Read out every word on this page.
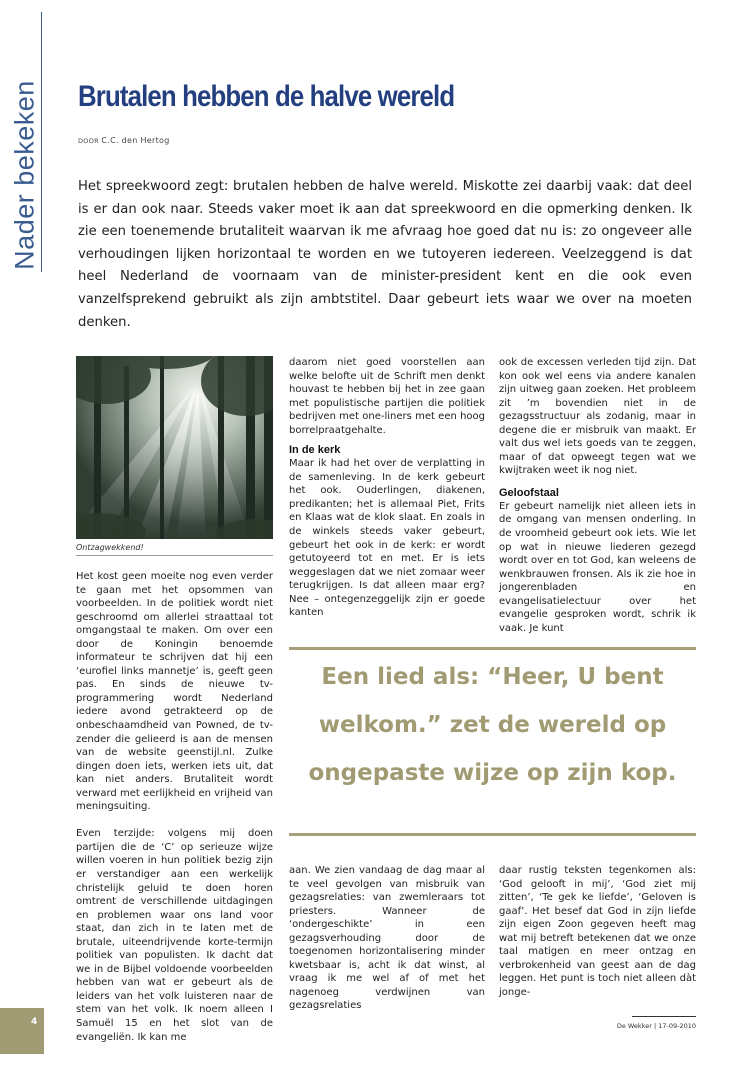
Nader bekeken Brutalen hebben de halve wereld
DOOR C.C. den Hertog

Het spreekwoord zegt: brutalen hebben de halve wereld. Miskotte zei daarbij vaak: dat deel is er dan ook naar. Steeds vaker moet ik aan dat spreekwoord en die opmerking denken. Ik zie een toenemende brutaliteit waarvan ik me afvraag hoe goed dat nu is: zo ongeveer alle verhoudingen lijken horizontaal te worden en we tutoyeren iedereen. Veelzeggend is dat heel Nederland de voornaam van de minister-president kent en die ook even vanzelfsprekend gebruikt als zijn ambtstitel. Daar gebeurt iets waar we over na moeten denken.

Ontzagwekkend!

Het kost geen moeite nog even verder te gaan met het opsommen van voorbeelden. In de politiek wordt niet geschroomd om allerlei straattaal tot omgangstaal te maken. Om over een door de Koningin benoemde informateur te schrijven dat hij een ‘eurofiel links mannetje’ is, geeft geen pas. En sinds de nieuwe tv-programmering wordt Nederland iedere avond getrakteerd op de onbeschaamdheid van Powned, de tv-zender die gelieerd is aan de mensen van de website geenstijl.nl. Zulke dingen doen iets, werken iets uit, dat kan niet anders. Brutaliteit wordt verward met eerlijkheid en vrijheid van meningsuiting.

Even terzijde: volgens mij doen partijen die de ‘C’ op serieuze wijze willen voeren in hun politiek bezig zijn er verstandiger aan een werkelijk christelijk geluid te doen horen omtrent de verschillende uitdagingen en problemen waar ons land voor staat, dan zich in te laten met de brutale, uiteendrijvende korte-termijn politiek van populisten. Ik dacht dat we in de Bijbel voldoende voorbeelden hebben van wat er gebeurt als de leiders van het volk luisteren naar de stem van het volk. Ik noem alleen I Samuël 15 en het slot van de evangeliën. Ik kan me

daarom niet goed voorstellen aan welke belofte uit de Schrift men denkt houvast te hebben bij het in zee gaan met populistische partijen die politiek bedrijven met one-liners met een hoog borrelpraatgehalte.

In de kerk

Maar ik had het over de verplatting in de samenleving. In de kerk gebeurt het ook. Ouderlingen, diakenen, predikanten; het is allemaal Piet, Frits en Klaas wat de klok slaat. En zoals in de winkels steeds vaker gebeurt, gebeurt het ook in de kerk: er wordt getutoyeerd tot en met. Er is iets weggeslagen dat we niet zomaar weer terugkrijgen. Is dat alleen maar erg? Nee – ontegenzeggelijk zijn er goede kanten

ook de excessen verleden tijd zijn. Dat kon ook wel eens via andere kanalen zijn uitweg gaan zoeken. Het probleem zit ’m bovendien niet in de gezagsstructuur als zodanig, maar in degene die er misbruik van maakt. Er valt dus wel iets goeds van te zeggen, maar of dat opweegt tegen wat we kwijtraken weet ik nog niet.

Geloofstaal

Er gebeurt namelijk niet alleen iets in de omgang van mensen onderling. In de vroomheid gebeurt ook iets. Wie let op wat in nieuwe liederen gezegd wordt over en tot God, kan weleens de wenkbrauwen fronsen. Als ik zie hoe in jongerenbladen en evangelisatielectuur over het evangelie gesproken wordt, schrik ik vaak. Je kunt

Een lied als: “Heer, U bent welkom.” zet de wereld op ongepaste wijze op zijn kop.

aan. We zien vandaag de dag maar al te veel gevolgen van misbruik van gezagsrelaties: van zwemleraars tot priesters. Wanneer de ‘ondergeschikte’ in een gezagsverhouding door de toegenomen horizontalisering minder kwetsbaar is, acht ik dat winst, al vraag ik me wel af of met het nagenoeg verdwijnen van gezagsrelaties

daar rustig teksten tegenkomen als: ‘God gelooft in mij’, ‘God ziet mij zitten’, ‘Te gek ke liefde’, ‘Geloven is gaaf’. Het besef dat God in zijn liefde zijn eigen Zoon gegeven heeft mag wat mij betreft betekenen dat we onze taal matigen en meer ontzag en verbrokenheid van geest aan de dag leggen. Het punt is toch niet alleen dàt jonge-

4	De Wekker | 17-09-2010
